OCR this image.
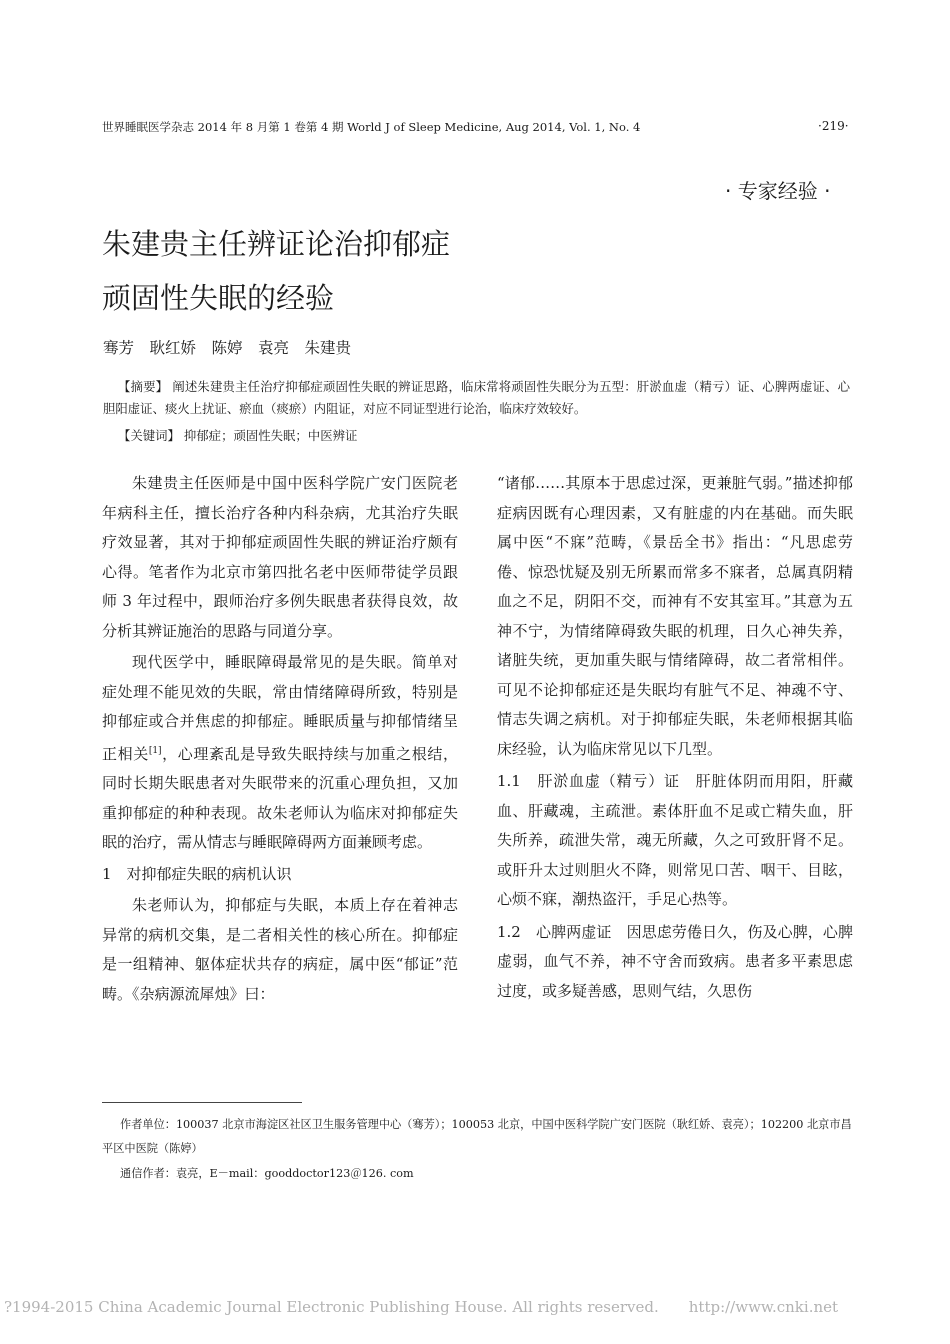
世界睡眠医学杂志 2014 年 8 月第 1 卷第 4 期 World J of Sleep Medicine, Aug 2014, Vol. 1, No. 4	·219·
· 专家经验 ·
朱建贵主任辨证论治抑郁症
顽固性失眠的经验
骞芳　耿红娇　陈婷　袁亮　朱建贵
【摘要】 阐述朱建贵主任治疗抑郁症顽固性失眠的辨证思路，临床常将顽固性失眠分为五型：肝淤血虚（精亏）证、心脾两虚证、心胆阳虚证、痰火上扰证、瘀血（痰瘀）内阻证，对应不同证型进行论治，临床疗效较好。
【关键词】 抑郁症；顽固性失眠；中医辨证

朱建贵主任医师是中国中医科学院广安门医院老年病科主任，擅长治疗各种内科杂病，尤其治疗失眠疗效显著，其对于抑郁症顽固性失眠的辨证治疗颇有心得。笔者作为北京市第四批名老中医师带徒学员跟师 3 年过程中，跟师治疗多例失眠患者获得良效，故分析其辨证施治的思路与同道分享。

现代医学中，睡眠障碍最常见的是失眠。简单对症处理不能见效的失眠，常由情绪障碍所致，特别是抑郁症或合并焦虑的抑郁症。睡眠质量与抑郁情绪呈正相关[1]，心理紊乱是导致失眠持续与加重之根结，同时长期失眠患者对失眠带来的沉重心理负担，又加重抑郁症的种种表现。故朱老师认为临床对抑郁症失眠的治疗，需从情志与睡眠障碍两方面兼顾考虑。

1　对抑郁症失眠的病机认识

朱老师认为，抑郁症与失眠，本质上存在着神志异常的病机交集，是二者相关性的核心所在。抑郁症是一组精神、躯体症状共存的病症，属中医“郁证”范畴。《杂病源流犀烛》曰：

“诸郁……其原本于思虑过深，更兼脏气弱。”描述抑郁症病因既有心理因素，又有脏虚的内在基础。而失眠属中医“不寐”范畴，《景岳全书》指出：“凡思虑劳倦、惊恐忧疑及别无所累而常多不寐者，总属真阴精血之不足，阴阳不交，而神有不安其室耳。”其意为五神不宁，为情绪障碍致失眠的机理，日久心神失养，诸脏失统，更加重失眠与情绪障碍，故二者常相伴。可见不论抑郁症还是失眠均有脏气不足、神魂不守、情志失调之病机。对于抑郁症失眠，朱老师根据其临床经验，认为临床常见以下几型。

1.1　肝淤血虚（精亏）证　肝脏体阴而用阳，肝藏血、肝藏魂，主疏泄。素体肝血不足或亡精失血，肝失所养，疏泄失常，魂无所藏，久之可致肝肾不足。或肝升太过则胆火不降，则常见口苦、咽干、目眩，心烦不寐，潮热盗汗，手足心热等。

1.2　心脾两虚证　因思虑劳倦日久，伤及心脾，心脾虚弱，血气不养，神不守舍而致病。患者多平素思虑过度，或多疑善感，思则气结，久思伤

作者单位：100037 北京市海淀区社区卫生服务管理中心（骞芳）；100053 北京，中国中医科学院广安门医院（耿红娇、袁亮）；102200 北京市昌平区中医院（陈婷）
通信作者：袁亮，E－mail：gooddoctor123＠126. com
?1994-2015 China Academic Journal Electronic Publishing House. All rights reserved.　　http://www.cnki.net
